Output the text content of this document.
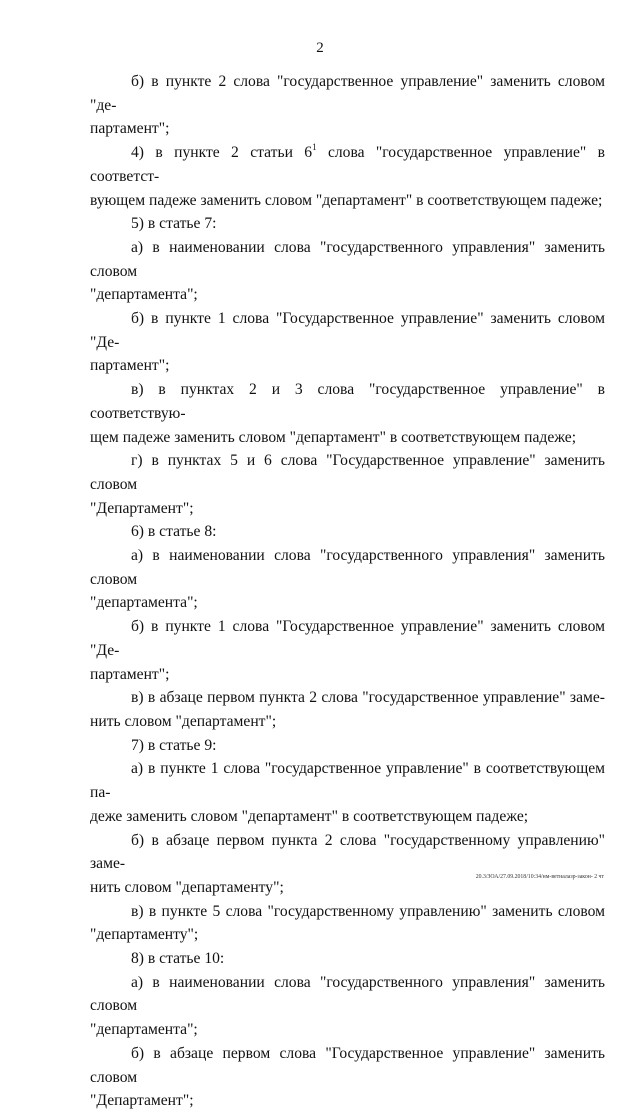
2
б) в пункте 2 слова "государственное управление" заменить словом "де-
партамент";
4) в пункте 2 статьи $6^1$ слова "государственное управление" в соответст-
вующем падеже заменить словом "департамент" в соответствующем падеже;
5) в статье 7:
а) в наименовании слова "государственного управления" заменить словом
"департамента";
б) в пункте 1 слова "Государственное управление" заменить словом "Де-
партамент";
в) в пунктах 2 и 3 слова "государственное управление" в соответствую-
щем падеже заменить словом "департамент" в соответствующем падеже;
г) в пунктах 5 и 6 слова "Государственное управление" заменить словом
"Департамент";
6) в статье 8:
а) в наименовании слова "государственного управления" заменить словом
"департамента";
б) в пункте 1 слова "Государственное управление" заменить словом "Де-
партамент";
в) в абзаце первом пункта 2 слова "государственное управление" заме-
нить словом "департамент";
7) в статье 9:
а) в пункте 1 слова "государственное управление" в соответствующем па-
деже заменить словом "департамент" в соответствующем падеже;
б) в абзаце первом пункта 2 слова "государственному управлению" заме-
нить словом "департаменту";
в) в пункте 5 слова "государственному управлению" заменить словом
"департаменту";
8) в статье 10:
а) в наименовании слова "государственного управления" заменить словом
"департамента";
б) в абзаце первом слова "Государственное управление" заменить словом
"Департамент";
20.3/ЗОА/27.09.2018/10:34/нм-ветналазр-закон- 2 чт
